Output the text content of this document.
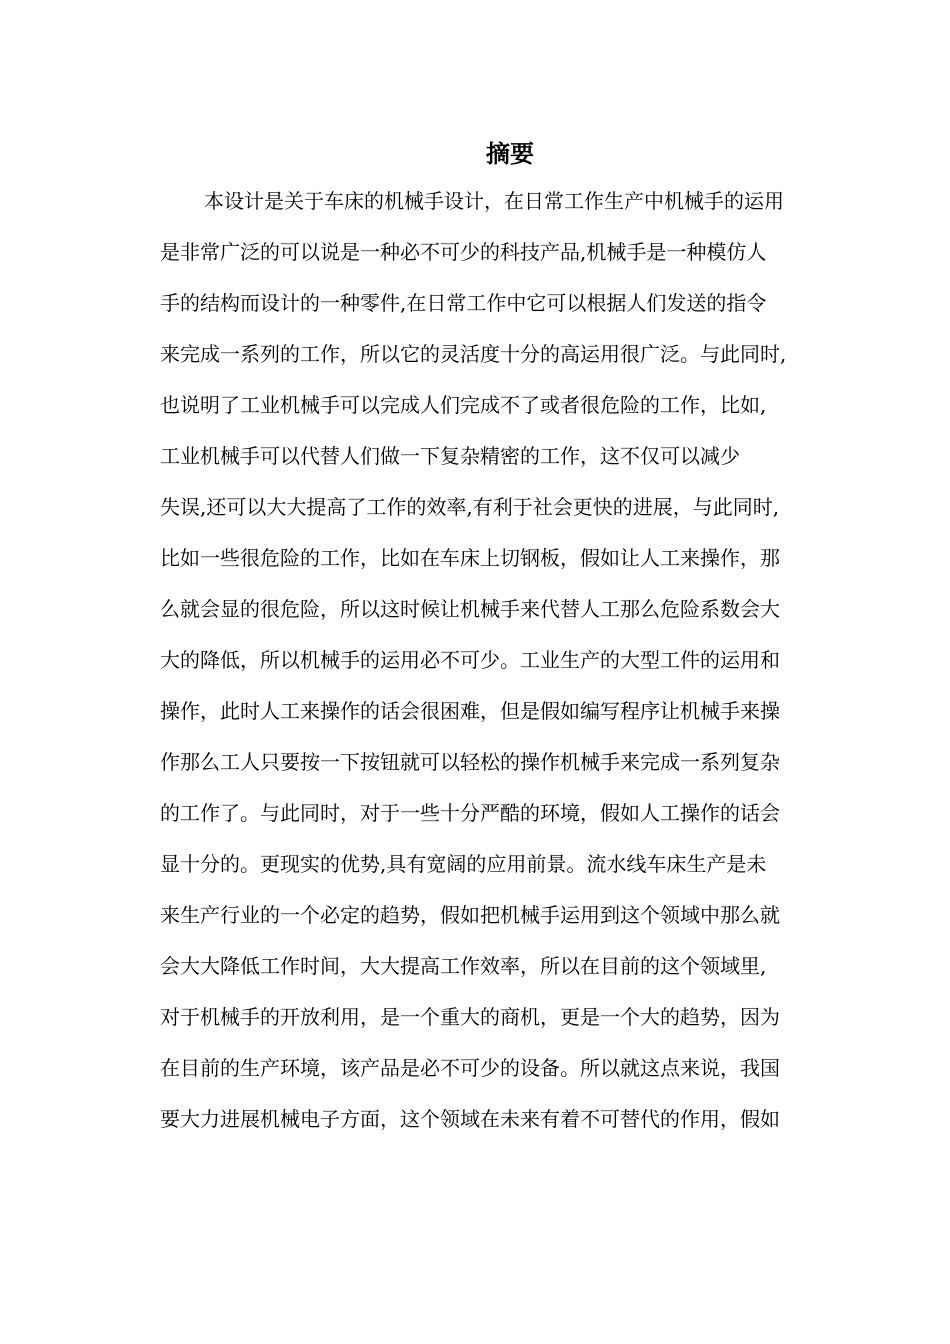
摘要
本设计是关于车床的机械手设计，在日常工作生产中机械手的运用
是非常广泛的可以说是一种必不可少的科技产品,机械手是一种模仿人
手的结构而设计的一种零件,在日常工作中它可以根据人们发送的指令
来完成一系列的工作，所以它的灵活度十分的高运用很广泛。与此同时,
也说明了工业机械手可以完成人们完成不了或者很危险的工作，比如,
工业机械手可以代替人们做一下复杂精密的工作，这不仅可以减少
失误,还可以大大提高了工作的效率,有利于社会更快的进展，与此同时,
比如一些很危险的工作，比如在车床上切钢板，假如让人工来操作，那
么就会显的很危险，所以这时候让机械手来代替人工那么危险系数会大
大的降低，所以机械手的运用必不可少。工业生产的大型工件的运用和
操作，此时人工来操作的话会很困难，但是假如编写程序让机械手来操
作那么工人只要按一下按钮就可以轻松的操作机械手来完成一系列复杂
的工作了。与此同时，对于一些十分严酷的环境，假如人工操作的话会
显十分的。更现实的优势,具有宽阔的应用前景。流水线车床生产是未
来生产行业的一个必定的趋势，假如把机械手运用到这个领域中那么就
会大大降低工作时间，大大提高工作效率，所以在目前的这个领域里,
对于机械手的开放利用，是一个重大的商机，更是一个大的趋势，因为
在目前的生产环境，该产品是必不可少的设备。所以就这点来说，我国
要大力进展机械电子方面，这个领域在未来有着不可替代的作用，假如
